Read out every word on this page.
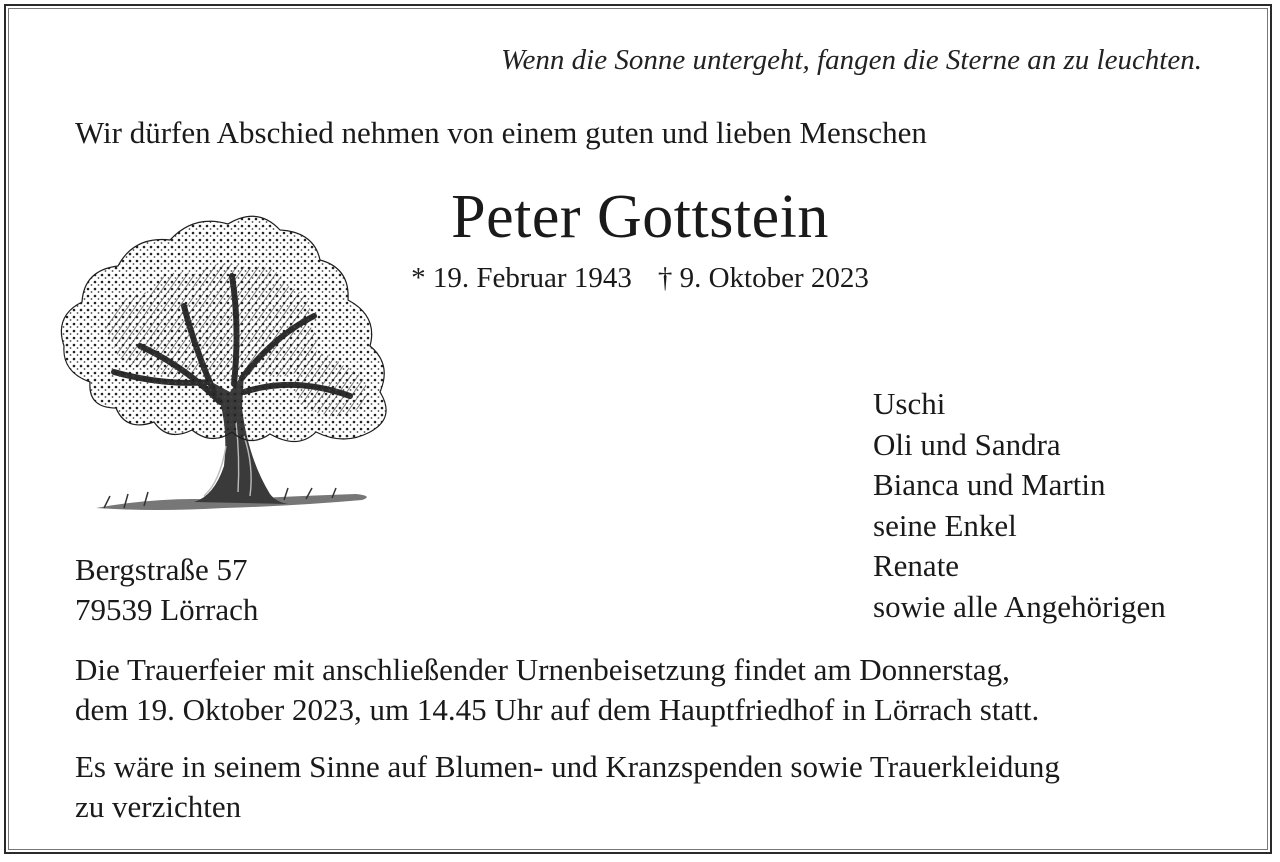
Wenn die Sonne untergeht, fangen die Sterne an zu leuchten.
Wir dürfen Abschied nehmen von einem guten und lieben Menschen
Peter Gottstein
* 19. Februar 1943 † 9. Oktober 2023
Uschi
Oli und Sandra
Bianca und Martin
seine Enkel
Renate
sowie alle Angehörigen
Bergstraße 57
79539 Lörrach
Die Trauerfeier mit anschließender Urnenbeisetzung findet am Donnerstag,
dem 19. Oktober 2023, um 14.45 Uhr auf dem Hauptfriedhof in Lörrach statt.
Es wäre in seinem Sinne auf Blumen- und Kranzspenden sowie Trauerkleidung
zu verzichten
